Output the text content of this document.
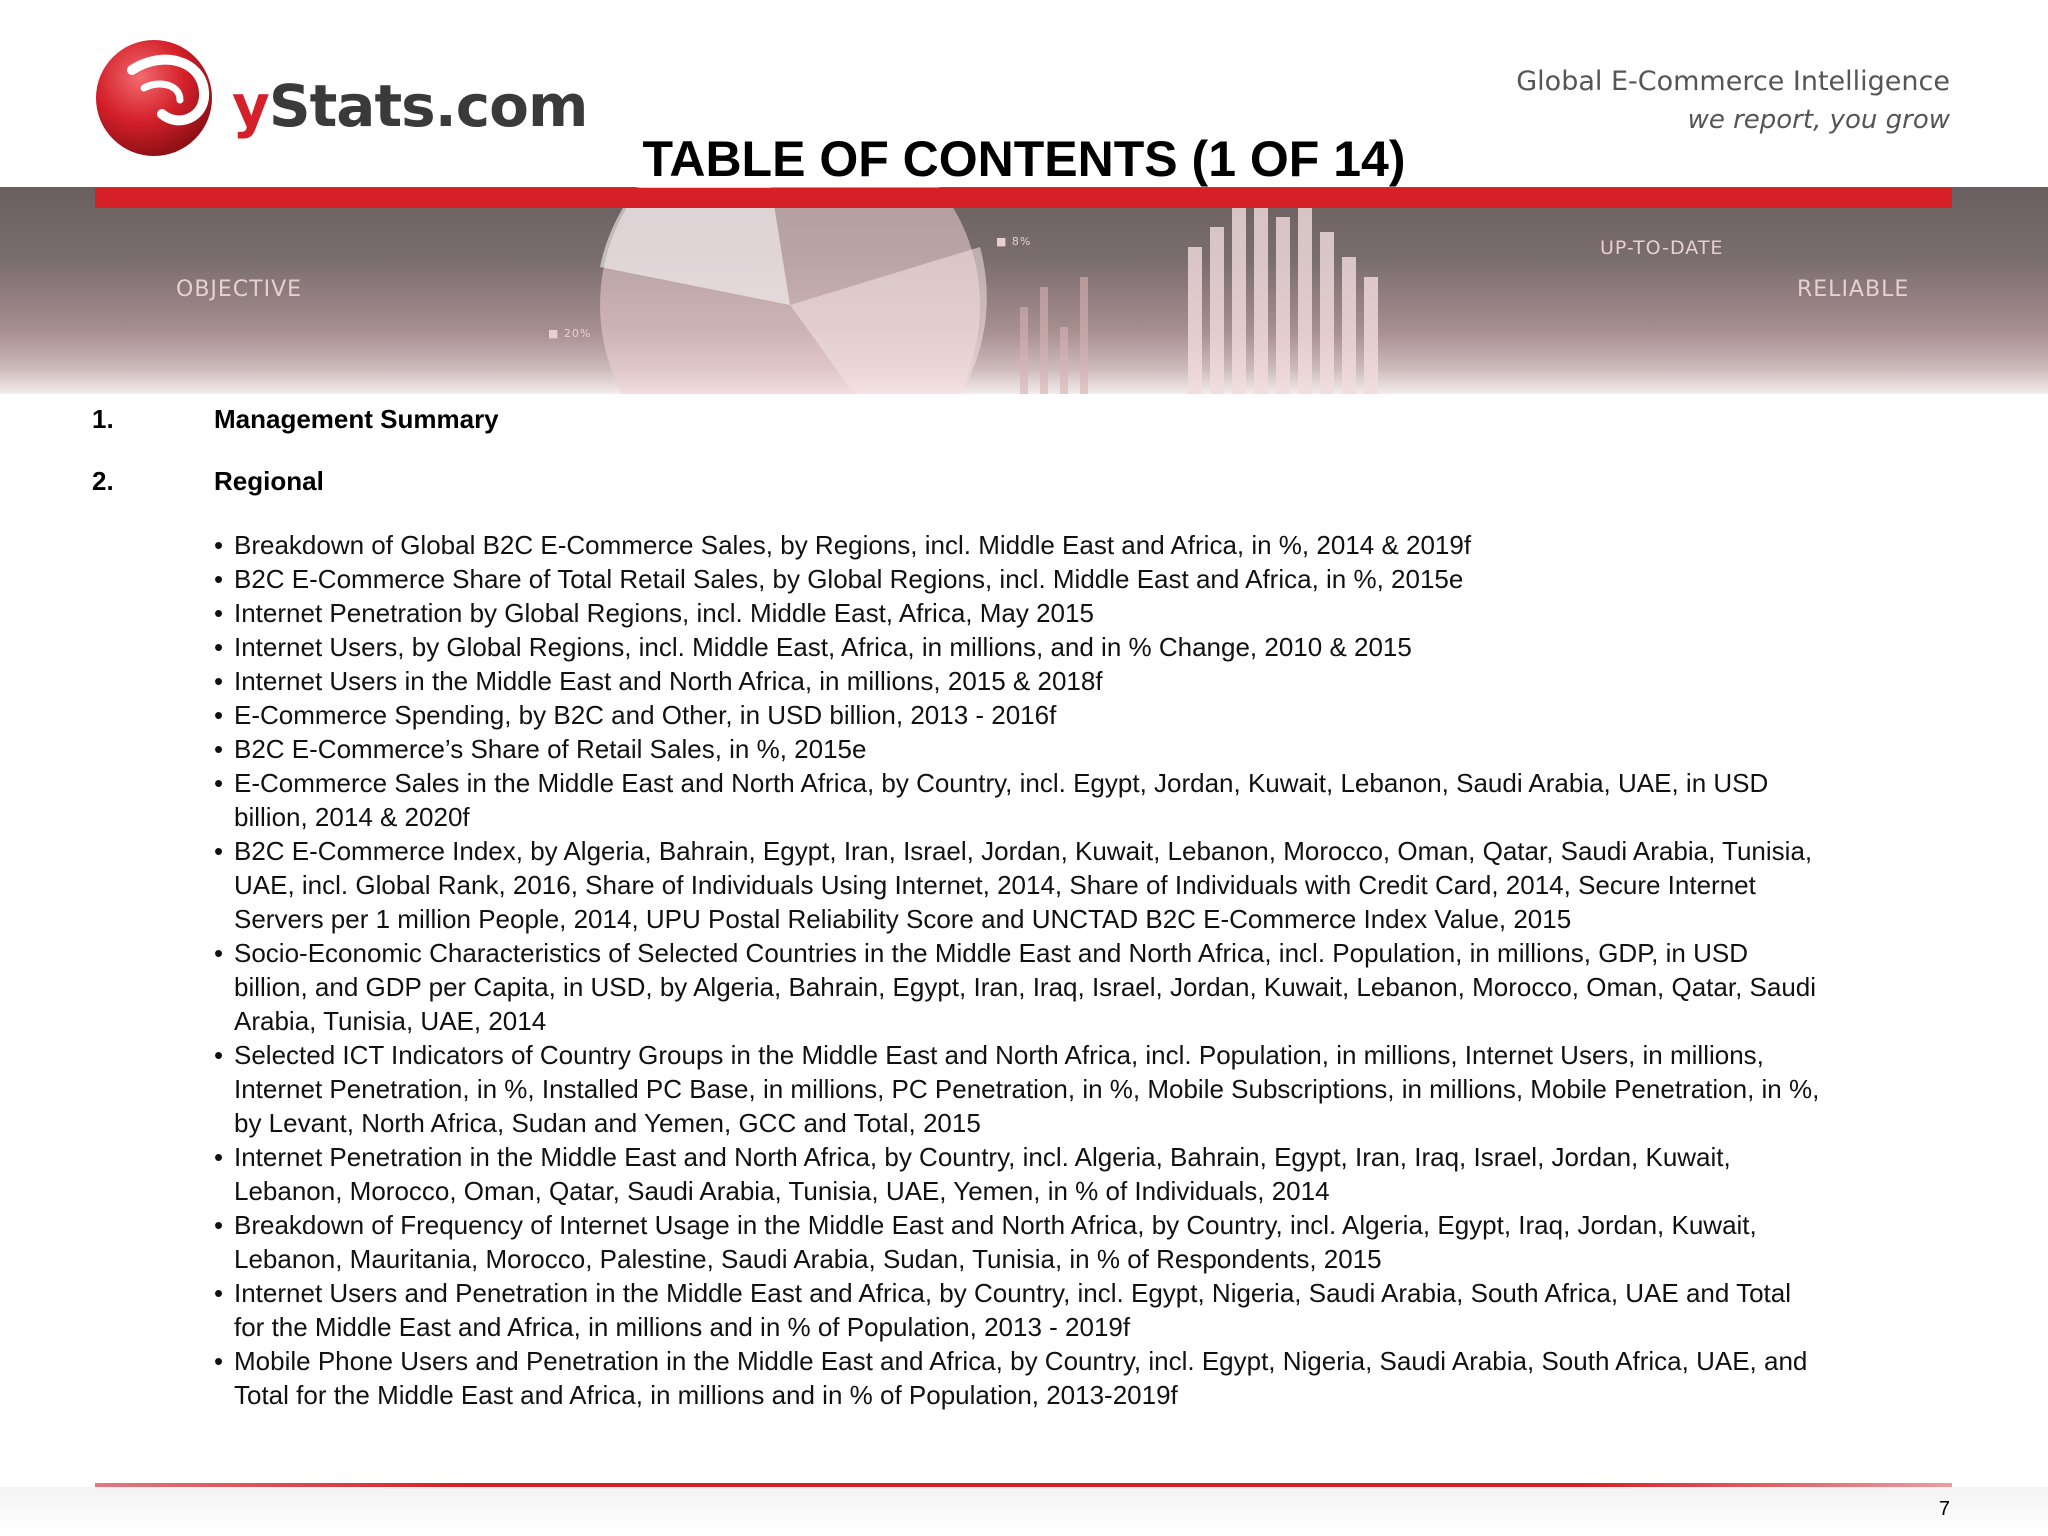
yStats.com	Global E-Commerce Intelligence
we report, you grow
OBJECTIVE
UP-TO-DATE
RELIABLE
■ 20%
■ 8%
TABLE OF CONTENTS (1 OF 14)
1.	Management Summary
2.	Regional
• Breakdown of Global B2C E-Commerce Sales, by Regions, incl. Middle East and Africa, in %, 2014 & 2019f
• B2C E-Commerce Share of Total Retail Sales, by Global Regions, incl. Middle East and Africa, in %, 2015e
• Internet Penetration by Global Regions, incl. Middle East, Africa, May 2015
• Internet Users, by Global Regions, incl. Middle East, Africa, in millions, and in % Change, 2010 & 2015
• Internet Users in the Middle East and North Africa, in millions, 2015 & 2018f
• E-Commerce Spending, by B2C and Other, in USD billion, 2013 - 2016f
• B2C E-Commerce’s Share of Retail Sales, in %, 2015e
• E-Commerce Sales in the Middle East and North Africa, by Country, incl. Egypt, Jordan, Kuwait, Lebanon, Saudi Arabia, UAE, in USD
billion, 2014 & 2020f
• B2C E-Commerce Index, by Algeria, Bahrain, Egypt, Iran, Israel, Jordan, Kuwait, Lebanon, Morocco, Oman, Qatar, Saudi Arabia, Tunisia,
UAE, incl. Global Rank, 2016, Share of Individuals Using Internet, 2014, Share of Individuals with Credit Card, 2014, Secure Internet
Servers per 1 million People, 2014, UPU Postal Reliability Score and UNCTAD B2C E-Commerce Index Value, 2015
• Socio-Economic Characteristics of Selected Countries in the Middle East and North Africa, incl. Population, in millions, GDP, in USD
billion, and GDP per Capita, in USD, by Algeria, Bahrain, Egypt, Iran, Iraq, Israel, Jordan, Kuwait, Lebanon, Morocco, Oman, Qatar, Saudi
Arabia, Tunisia, UAE, 2014
• Selected ICT Indicators of Country Groups in the Middle East and North Africa, incl. Population, in millions, Internet Users, in millions,
Internet Penetration, in %, Installed PC Base, in millions, PC Penetration, in %, Mobile Subscriptions, in millions, Mobile Penetration, in %,
by Levant, North Africa, Sudan and Yemen, GCC and Total, 2015
• Internet Penetration in the Middle East and North Africa, by Country, incl. Algeria, Bahrain, Egypt, Iran, Iraq, Israel, Jordan, Kuwait,
Lebanon, Morocco, Oman, Qatar, Saudi Arabia, Tunisia, UAE, Yemen, in % of Individuals, 2014
• Breakdown of Frequency of Internet Usage in the Middle East and North Africa, by Country, incl. Algeria, Egypt, Iraq, Jordan, Kuwait,
Lebanon, Mauritania, Morocco, Palestine, Saudi Arabia, Sudan, Tunisia, in % of Respondents, 2015
• Internet Users and Penetration in the Middle East and Africa, by Country, incl. Egypt, Nigeria, Saudi Arabia, South Africa, UAE and Total
for the Middle East and Africa, in millions and in % of Population, 2013 - 2019f
• Mobile Phone Users and Penetration in the Middle East and Africa, by Country, incl. Egypt, Nigeria, Saudi Arabia, South Africa, UAE, and
Total for the Middle East and Africa, in millions and in % of Population, 2013-2019f
7
